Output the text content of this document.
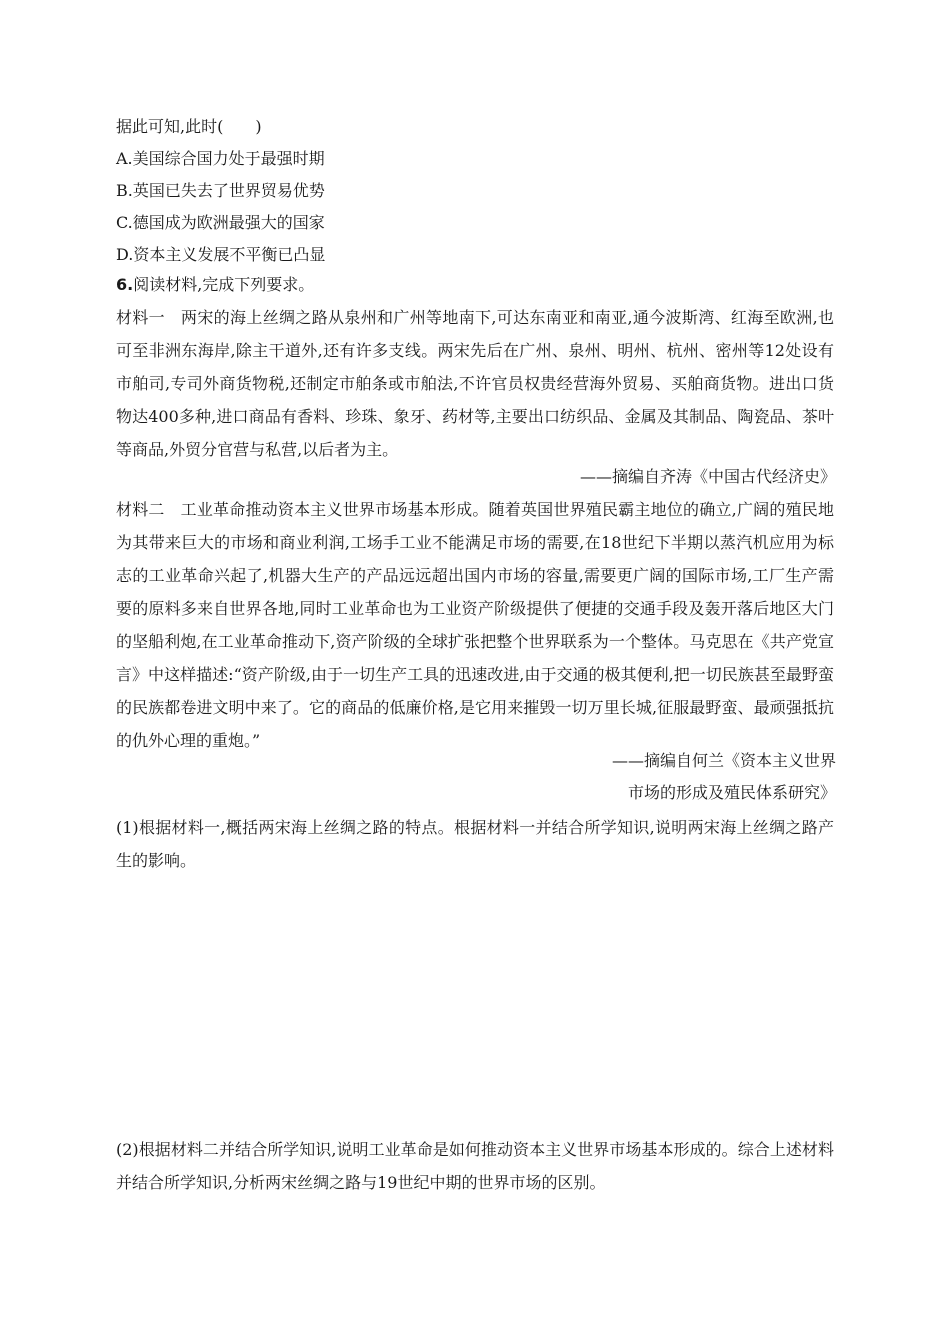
据此可知,此时(　　)
A.美国综合国力处于最强时期
B.英国已失去了世界贸易优势
C.德国成为欧洲最强大的国家
D.资本主义发展不平衡已凸显
6.阅读材料,完成下列要求。
材料一 两宋的海上丝绸之路从泉州和广州等地南下,可达东南亚和南亚,通今波斯湾、红海至欧洲,也可至非洲东海岸,除主干道外,还有许多支线。两宋先后在广州、泉州、明州、杭州、密州等12处设有市舶司,专司外商货物税,还制定市舶条或市舶法,不许官员权贵经营海外贸易、买舶商货物。进出口货物达400多种,进口商品有香料、珍珠、象牙、药材等,主要出口纺织品、金属及其制品、陶瓷品、茶叶等商品,外贸分官营与私营,以后者为主。
——摘编自齐涛《中国古代经济史》
材料二 工业革命推动资本主义世界市场基本形成。随着英国世界殖民霸主地位的确立,广阔的殖民地为其带来巨大的市场和商业利润,工场手工业不能满足市场的需要,在18世纪下半期以蒸汽机应用为标志的工业革命兴起了,机器大生产的产品远远超出国内市场的容量,需要更广阔的国际市场,工厂生产需要的原料多来自世界各地,同时工业革命也为工业资产阶级提供了便捷的交通手段及轰开落后地区大门的坚船利炮,在工业革命推动下,资产阶级的全球扩张把整个世界联系为一个整体。马克思在《共产党宣言》中这样描述:“资产阶级,由于一切生产工具的迅速改进,由于交通的极其便利,把一切民族甚至最野蛮的民族都卷进文明中来了。它的商品的低廉价格,是它用来摧毁一切万里长城,征服最野蛮、最顽强抵抗的仇外心理的重炮。”
——摘编自何兰《资本主义世界
市场的形成及殖民体系研究》
(1)根据材料一,概括两宋海上丝绸之路的特点。根据材料一并结合所学知识,说明两宋海上丝绸之路产生的影响。
(2)根据材料二并结合所学知识,说明工业革命是如何推动资本主义世界市场基本形成的。综合上述材料并结合所学知识,分析两宋丝绸之路与19世纪中期的世界市场的区别。
